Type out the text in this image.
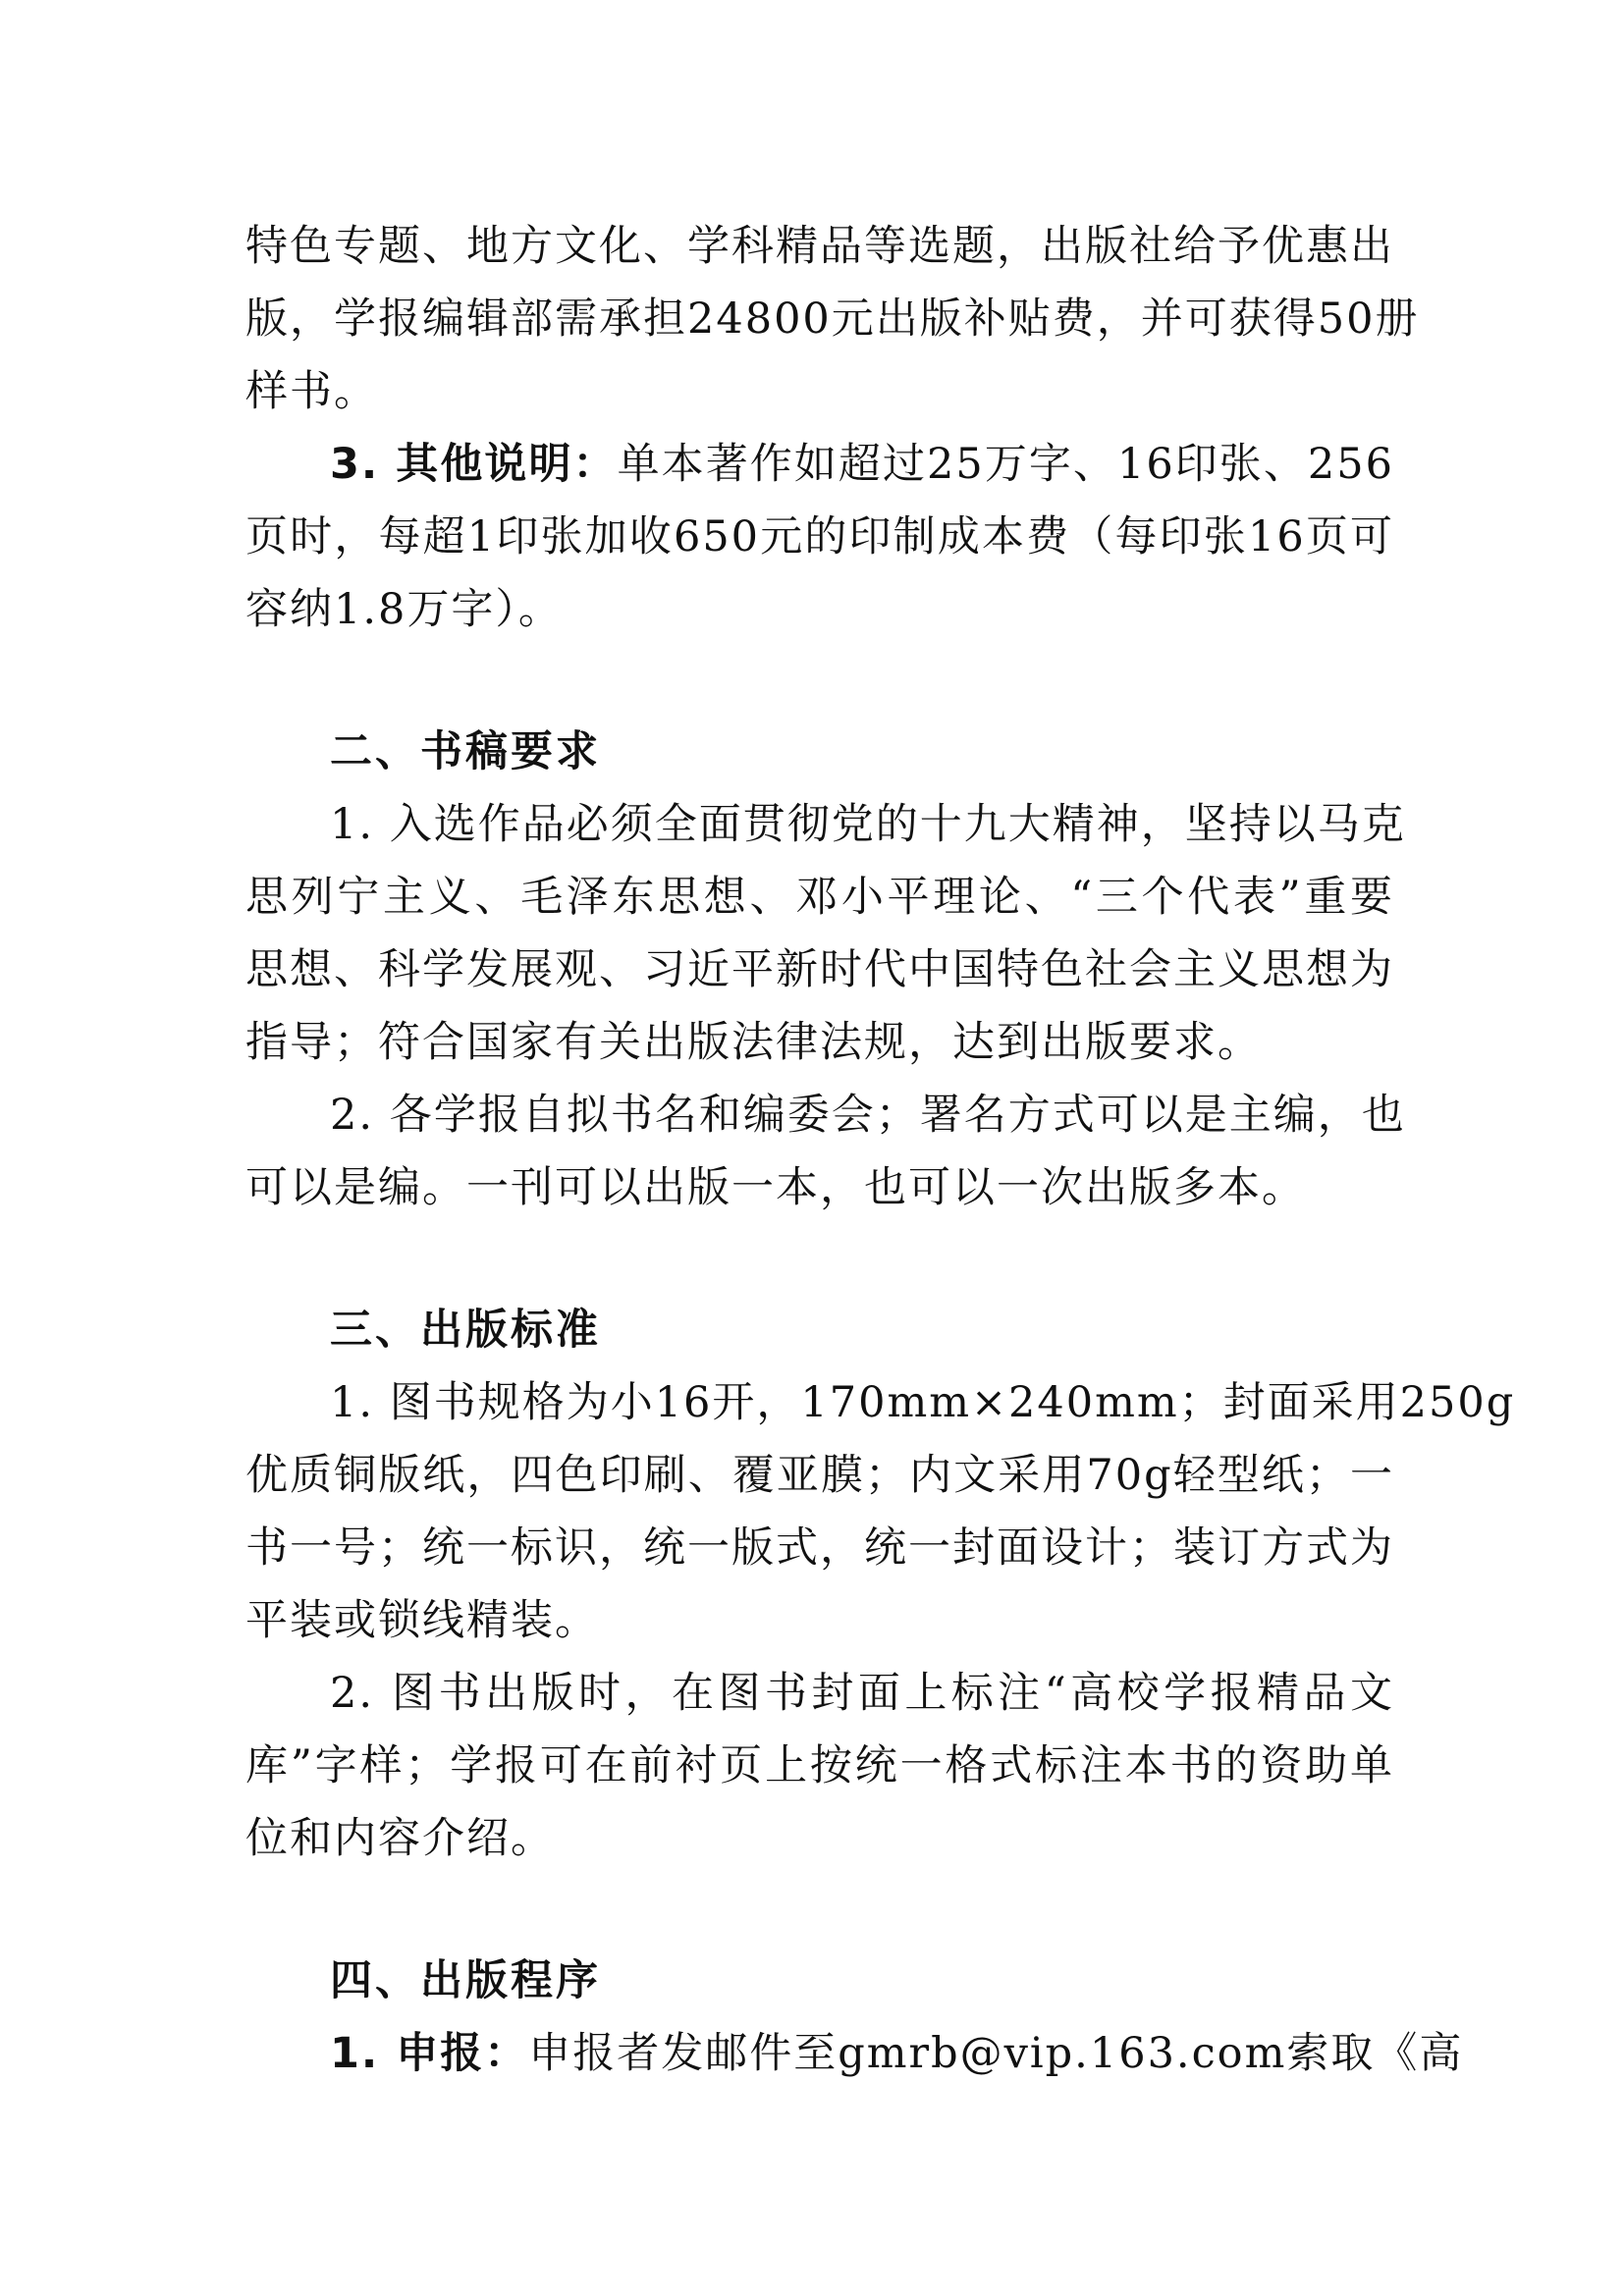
特色专题、地方文化、学科精品等选题，出版社给予优惠出
版，学报编辑部需承担24800元出版补贴费，并可获得50册
样书。
3. 其他说明：单本著作如超过25万字、16印张、256
页时，每超1印张加收650元的印制成本费（每印张16页可
容纳1.8万字）。
二、书稿要求
1. 入选作品必须全面贯彻党的十九大精神，坚持以马克
思列宁主义、毛泽东思想、邓小平理论、“三个代表”重要
思想、科学发展观、习近平新时代中国特色社会主义思想为
指导；符合国家有关出版法律法规，达到出版要求。
2. 各学报自拟书名和编委会；署名方式可以是主编，也
可以是编。一刊可以出版一本，也可以一次出版多本。
三、出版标准
1. 图书规格为小16开，170mm×240mm；封面采用250g
优质铜版纸，四色印刷、覆亚膜；内文采用70g轻型纸；一
书一号；统一标识，统一版式，统一封面设计；装订方式为
平装或锁线精装。
2. 图书出版时，在图书封面上标注“高校学报精品文
库”字样；学报可在前衬页上按统一格式标注本书的资助单
位和内容介绍。
四、出版程序
1. 申报：申报者发邮件至gmrb@vip.163.com索取《高
